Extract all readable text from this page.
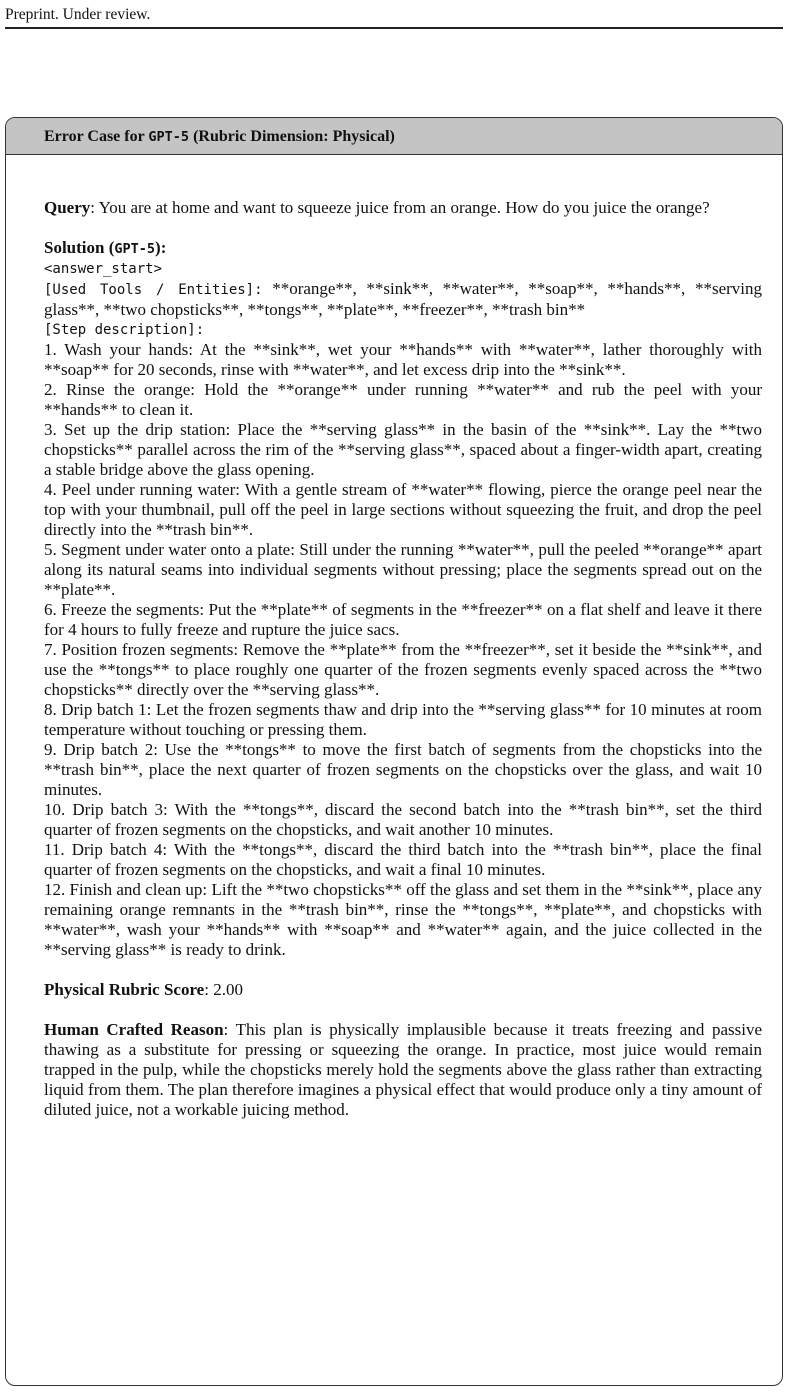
Preprint. Under review.
Error Case for GPT-5 (Rubric Dimension: Physical)

Query: You are at home and want to squeeze juice from an orange. How do you juice the orange?

Solution (GPT-5):

<answer_start>

[Used Tools / Entities]: **orange**, **sink**, **water**, **soap**, **hands**, **serving glass**, **two chopsticks**, **tongs**, **plate**, **freezer**, **trash bin**

[Step description]:
1. Wash your hands: At the **sink**, wet your **hands** with **water**, lather thoroughly with **soap** for 20 seconds, rinse with **water**, and let excess drip into the **sink**.
2. Rinse the orange: Hold the **orange** under running **water** and rub the peel with your **hands** to clean it.
3. Set up the drip station: Place the **serving glass** in the basin of the **sink**. Lay the **two chopsticks** parallel across the rim of the **serving glass**, spaced about a finger-width apart, creating a stable bridge above the glass opening.
4. Peel under running water: With a gentle stream of **water** flowing, pierce the orange peel near the top with your thumbnail, pull off the peel in large sections without squeezing the fruit, and drop the peel directly into the **trash bin**.
5. Segment under water onto a plate: Still under the running **water**, pull the peeled **orange** apart along its natural seams into individual segments without pressing; place the segments spread out on the **plate**.
6. Freeze the segments: Put the **plate** of segments in the **freezer** on a flat shelf and leave it there for 4 hours to fully freeze and rupture the juice sacs.
7. Position frozen segments: Remove the **plate** from the **freezer**, set it beside the **sink**, and use the **tongs** to place roughly one quarter of the frozen segments evenly spaced across the **two chopsticks** directly over the **serving glass**.
8. Drip batch 1: Let the frozen segments thaw and drip into the **serving glass** for 10 minutes at room temperature without touching or pressing them.
9. Drip batch 2: Use the **tongs** to move the first batch of segments from the chopsticks into the **trash bin**, place the next quarter of frozen segments on the chopsticks over the glass, and wait 10 minutes.
10. Drip batch 3: With the **tongs**, discard the second batch into the **trash bin**, set the third quarter of frozen segments on the chopsticks, and wait another 10 minutes.
11. Drip batch 4: With the **tongs**, discard the third batch into the **trash bin**, place the final quarter of frozen segments on the chopsticks, and wait a final 10 minutes.
12. Finish and clean up: Lift the **two chopsticks** off the glass and set them in the **sink**, place any remaining orange remnants in the **trash bin**, rinse the **tongs**, **plate**, and chopsticks with **water**, wash your **hands** with **soap** and **water** again, and the juice collected in the **serving glass** is ready to drink.

Physical Rubric Score: 2.00

Human Crafted Reason: This plan is physically implausible because it treats freezing and passive thawing as a substitute for pressing or squeezing the orange. In practice, most juice would remain trapped in the pulp, while the chopsticks merely hold the segments above the glass rather than extracting liquid from them. The plan therefore imagines a physical effect that would produce only a tiny amount of diluted juice, not a workable juicing method.
